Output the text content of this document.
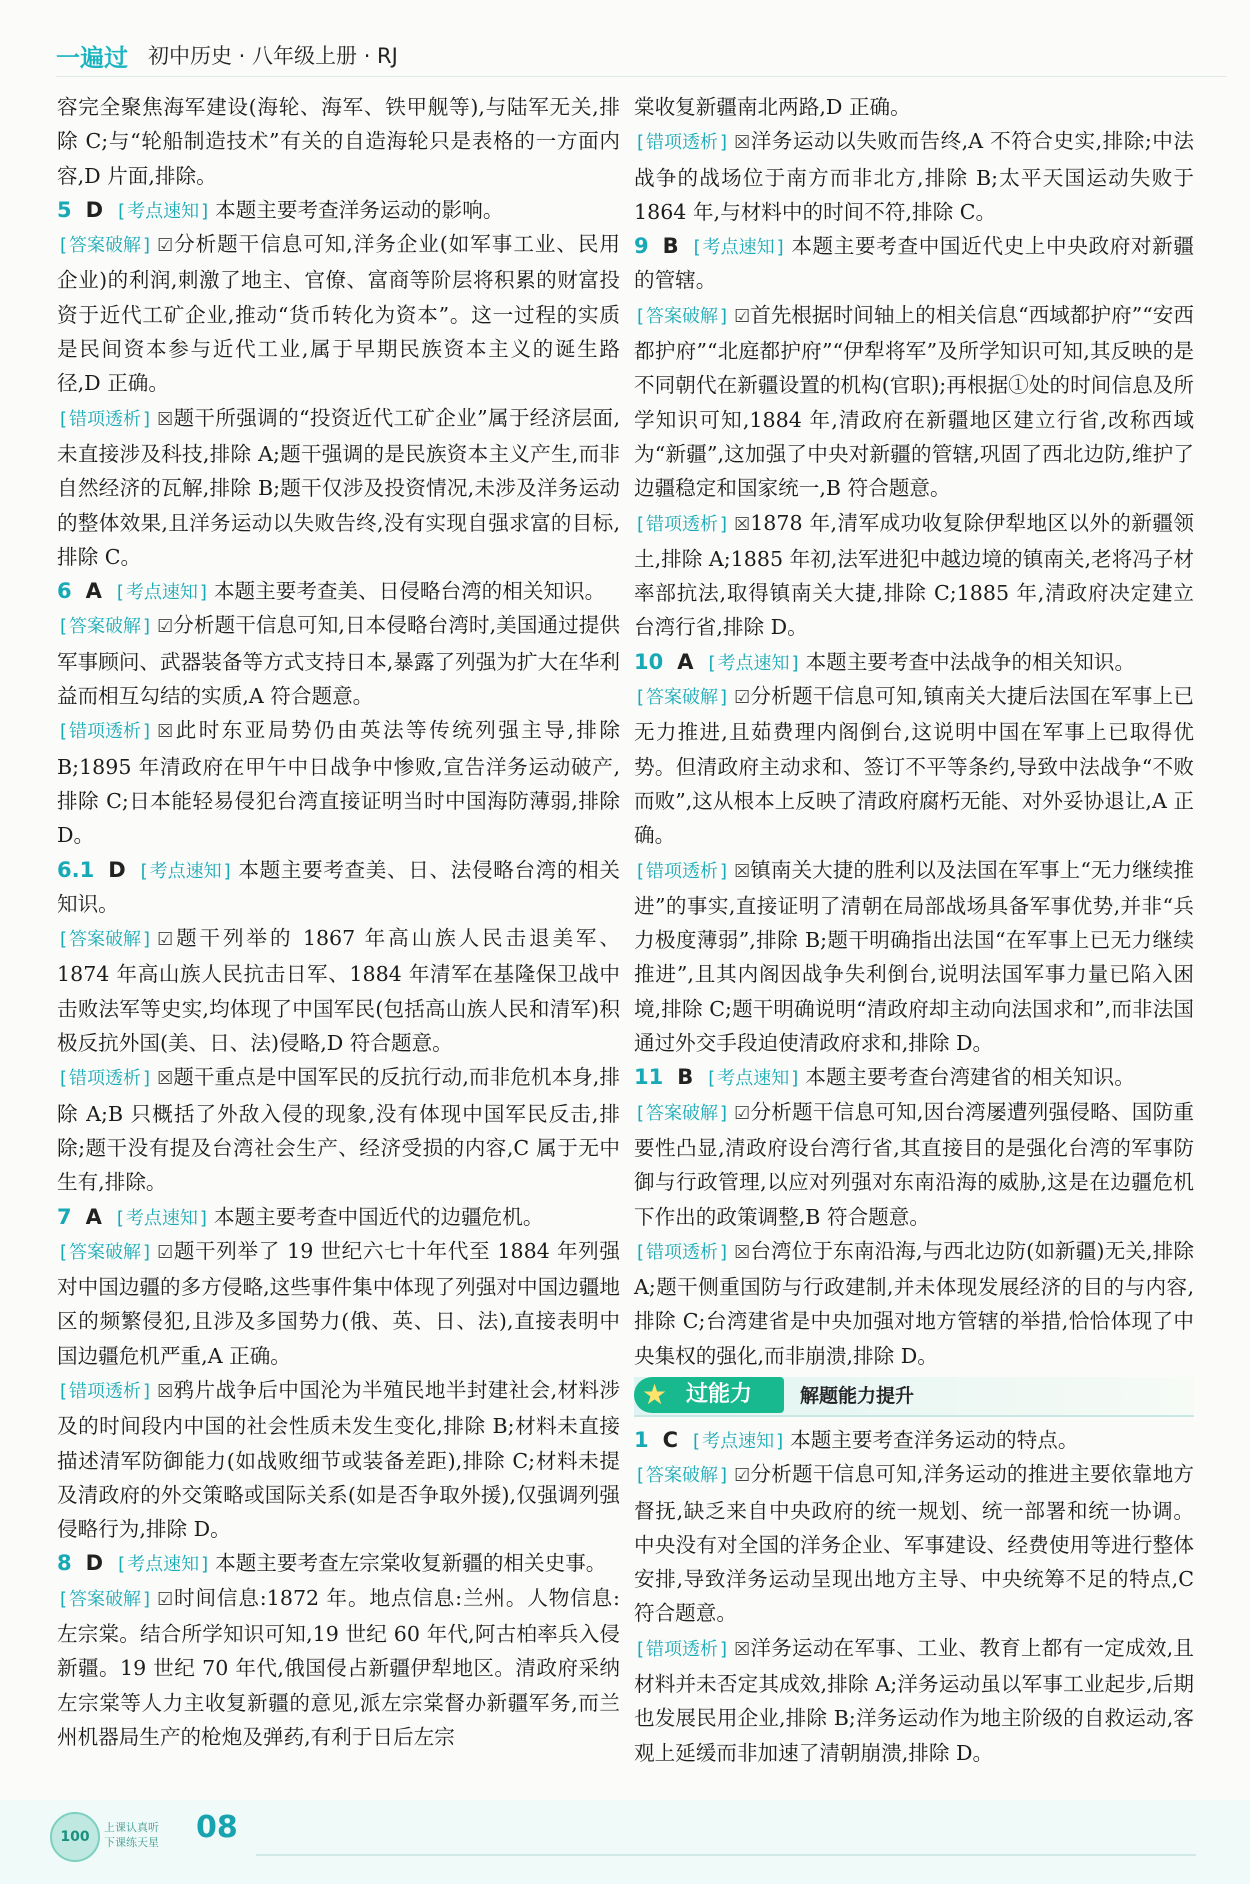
一遍过 初中历史 · 八年级上册 · RJ

容完全聚焦海军建设(海轮、海军、铁甲舰等),与陆军无关,排除 C;与“轮船制造技术”有关的自造海轮只是表格的一方面内容,D 片面,排除。

5 D [ 考点速知 ] 本题主要考查洋务运动的影响。

[ 答案破解 ] ☑分析题干信息可知,洋务企业(如军事工业、民用企业)的利润,刺激了地主、官僚、富商等阶层将积累的财富投资于近代工矿企业,推动“货币转化为资本”。这一过程的实质是民间资本参与近代工业,属于早期民族资本主义的诞生路径,D 正确。

[ 错项透析 ] ☒题干所强调的“投资近代工矿企业”属于经济层面,未直接涉及科技,排除 A;题干强调的是民族资本主义产生,而非自然经济的瓦解,排除 B;题干仅涉及投资情况,未涉及洋务运动的整体效果,且洋务运动以失败告终,没有实现自强求富的目标,排除 C。

6 A [ 考点速知 ] 本题主要考查美、日侵略台湾的相关知识。

[ 答案破解 ] ☑分析题干信息可知,日本侵略台湾时,美国通过提供军事顾问、武器装备等方式支持日本,暴露了列强为扩大在华利益而相互勾结的实质,A 符合题意。

[ 错项透析 ] ☒此时东亚局势仍由英法等传统列强主导,排除 B;1895 年清政府在甲午中日战争中惨败,宣告洋务运动破产,排除 C;日本能轻易侵犯台湾直接证明当时中国海防薄弱,排除 D。

6.1 D [ 考点速知 ] 本题主要考查美、日、法侵略台湾的相关知识。

[ 答案破解 ] ☑题干列举的 1867 年高山族人民击退美军、1874 年高山族人民抗击日军、1884 年清军在基隆保卫战中击败法军等史实,均体现了中国军民(包括高山族人民和清军)积极反抗外国(美、日、法)侵略,D 符合题意。

[ 错项透析 ] ☒题干重点是中国军民的反抗行动,而非危机本身,排除 A;B 只概括了外敌入侵的现象,没有体现中国军民反击,排除;题干没有提及台湾社会生产、经济受损的内容,C 属于无中生有,排除。

7 A [ 考点速知 ] 本题主要考查中国近代的边疆危机。

[ 答案破解 ] ☑题干列举了 19 世纪六七十年代至 1884 年列强对中国边疆的多方侵略,这些事件集中体现了列强对中国边疆地区的频繁侵犯,且涉及多国势力(俄、英、日、法),直接表明中国边疆危机严重,A 正确。

[ 错项透析 ] ☒鸦片战争后中国沦为半殖民地半封建社会,材料涉及的时间段内中国的社会性质未发生变化,排除 B;材料未直接描述清军防御能力(如战败细节或装备差距),排除 C;材料未提及清政府的外交策略或国际关系(如是否争取外援),仅强调列强侵略行为,排除 D。

8 D [ 考点速知 ] 本题主要考查左宗棠收复新疆的相关史事。

[ 答案破解 ] ☑时间信息:1872 年。地点信息:兰州。人物信息:左宗棠。结合所学知识可知,19 世纪 60 年代,阿古柏率兵入侵新疆。19 世纪 70 年代,俄国侵占新疆伊犁地区。清政府采纳左宗棠等人力主收复新疆的意见,派左宗棠督办新疆军务,而兰州机器局生产的枪炮及弹药,有利于日后左宗

棠收复新疆南北两路,D 正确。

[ 错项透析 ] ☒洋务运动以失败而告终,A 不符合史实,排除;中法战争的战场位于南方而非北方,排除 B;太平天国运动失败于 1864 年,与材料中的时间不符,排除 C。

9 B [ 考点速知 ] 本题主要考查中国近代史上中央政府对新疆的管辖。

[ 答案破解 ] ☑首先根据时间轴上的相关信息“西域都护府”“安西都护府”“北庭都护府”“伊犁将军”及所学知识可知,其反映的是不同朝代在新疆设置的机构(官职);再根据①处的时间信息及所学知识可知,1884 年,清政府在新疆地区建立行省,改称西域为“新疆”,这加强了中央对新疆的管辖,巩固了西北边防,维护了边疆稳定和国家统一,B 符合题意。

[ 错项透析 ] ☒1878 年,清军成功收复除伊犁地区以外的新疆领土,排除 A;1885 年初,法军进犯中越边境的镇南关,老将冯子材率部抗法,取得镇南关大捷,排除 C;1885 年,清政府决定建立台湾行省,排除 D。

10 A [ 考点速知 ] 本题主要考查中法战争的相关知识。

[ 答案破解 ] ☑分析题干信息可知,镇南关大捷后法国在军事上已无力推进,且茹费理内阁倒台,这说明中国在军事上已取得优势。但清政府主动求和、签订不平等条约,导致中法战争“不败而败”,这从根本上反映了清政府腐朽无能、对外妥协退让,A 正确。

[ 错项透析 ] ☒镇南关大捷的胜利以及法国在军事上“无力继续推进”的事实,直接证明了清朝在局部战场具备军事优势,并非“兵力极度薄弱”,排除 B;题干明确指出法国“在军事上已无力继续推进”,且其内阁因战争失利倒台,说明法国军事力量已陷入困境,排除 C;题干明确说明“清政府却主动向法国求和”,而非法国通过外交手段迫使清政府求和,排除 D。

11 B [ 考点速知 ] 本题主要考查台湾建省的相关知识。

[ 答案破解 ] ☑分析题干信息可知,因台湾屡遭列强侵略、国防重要性凸显,清政府设台湾行省,其直接目的是强化台湾的军事防御与行政管理,以应对列强对东南沿海的威胁,这是在边疆危机下作出的政策调整,B 符合题意。

[ 错项透析 ] ☒台湾位于东南沿海,与西北边防(如新疆)无关,排除 A;题干侧重国防与行政建制,并未体现发展经济的目的与内容,排除 C;台湾建省是中央加强对地方管辖的举措,恰恰体现了中央集权的强化,而非崩溃,排除 D。

★ 过能力	解题能力提升

1 C [ 考点速知 ] 本题主要考查洋务运动的特点。

[ 答案破解 ] ☑分析题干信息可知,洋务运动的推进主要依靠地方督抚,缺乏来自中央政府的统一规划、统一部署和统一协调。中央没有对全国的洋务企业、军事建设、经费使用等进行整体安排,导致洋务运动呈现出地方主导、中央统筹不足的特点,C 符合题意。

[ 错项透析 ] ☒洋务运动在军事、工业、教育上都有一定成效,且材料并未否定其成效,排除 A;洋务运动虽以军事工业起步,后期也发展民用企业,排除 B;洋务运动作为地主阶级的自救运动,客观上延缓而非加速了清朝崩溃,排除 D。

100
上课认真听
下课练天星 08
